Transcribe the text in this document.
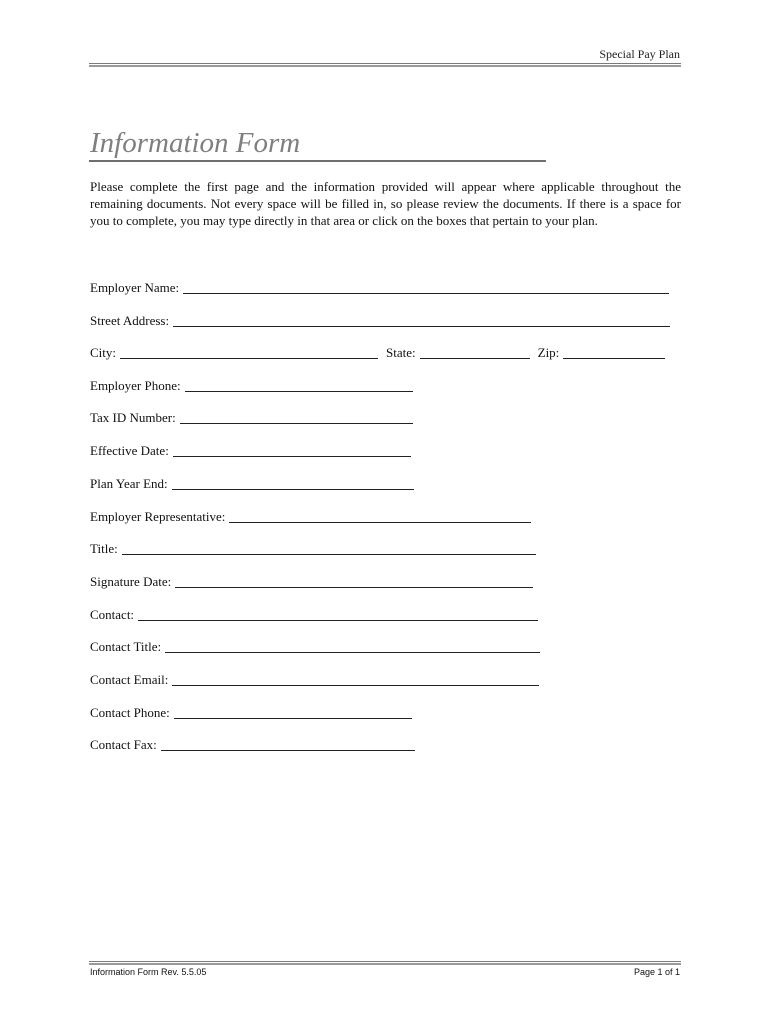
Special Pay Plan
Information Form

Please complete the first page and the information provided will appear where applicable throughout the remaining documents. Not every space will be filled in, so please review the documents. If there is a space for you to complete, you may type directly in that area or click on the boxes that pertain to your plan.

Employer Name:
Street Address:
City:	State:	Zip:
Employer Phone:
Tax ID Number:
Effective Date:
Plan Year End:
Employer Representative:
Title:
Signature Date:
Contact:
Contact Title:
Contact Email:
Contact Phone:
Contact Fax:
Information Form Rev. 5.5.05	Page 1 of 1
